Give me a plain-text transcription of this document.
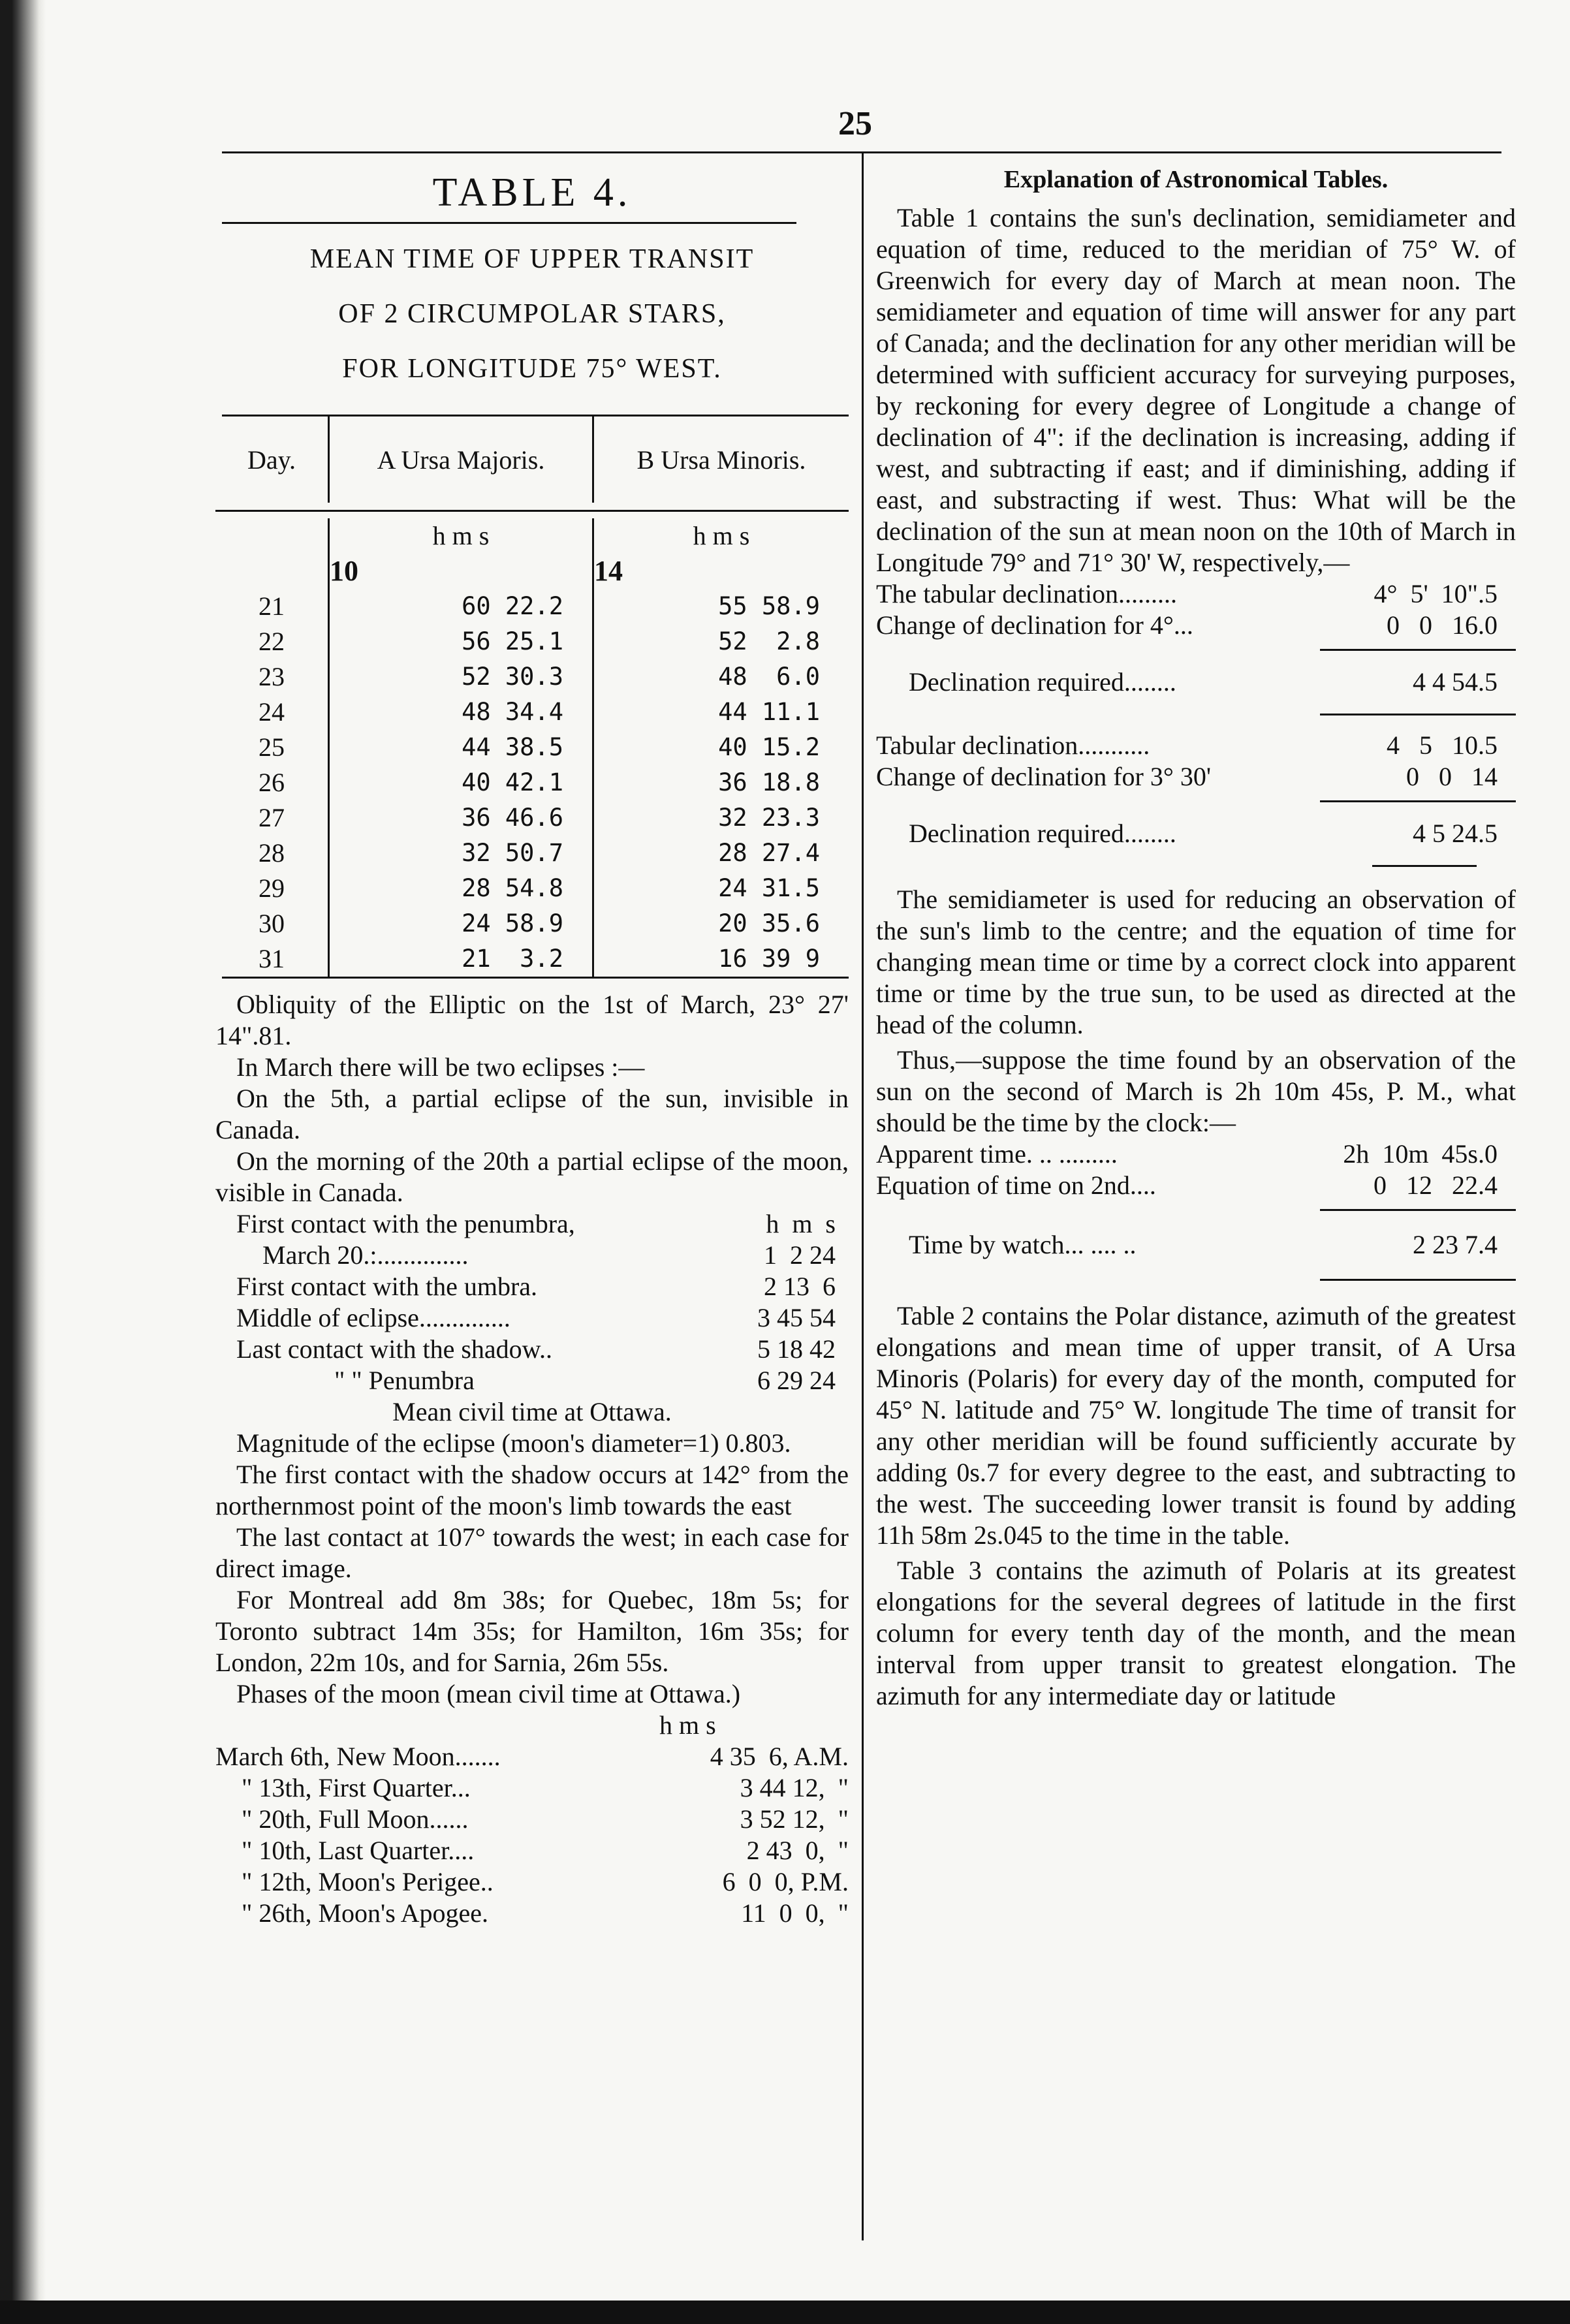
25
TABLE 4.
MEAN TIME OF UPPER TRANSIT
OF 2 CIRCUMPOLAR STARS,
FOR LONGITUDE 75° WEST.
Day.	A Ursa Majoris.	B Ursa Minoris.

	h m s	h m s
	10	14
21	60 22.2	55 58.9
22	56 25.1	52  2.8
23	52 30.3	48  6.0
24	48 34.4	44 11.1
25	44 38.5	40 15.2
26	40 42.1	36 18.8
27	36 46.6	32 23.3
28	32 50.7	28 27.4
29	28 54.8	24 31.5
30	24 58.9	20 35.6
31	21  3.2	16 39 9
Obliquity of the Elliptic on the 1st of March, 23° 27' 14".81.
In March there will be two eclipses :—
On the 5th, a partial eclipse of the sun, invisible in Canada.
On the morning of the 20th a partial eclipse of the moon, visible in Canada.
First contact with the penumbra,	h  m  s
March 20.:..............	1  2 24
First contact with the umbra.	2 13  6
Middle of eclipse..............	3 45 54
Last contact with the shadow..	5 18 42
" " Penumbra	6 29 24
Mean civil time at Ottawa.
Magnitude of the eclipse (moon's diameter=1) 0.803.
The first contact with the shadow occurs at 142° from the northernmost point of the moon's limb towards the east
The last contact at 107° towards the west; in each case for direct image.
For Montreal add 8m 38s; for Quebec, 18m 5s; for Toronto subtract 14m 35s; for Hamilton, 16m 35s; for London, 22m 10s, and for Sarnia, 26m 55s.
Phases of the moon (mean civil time at Ottawa.)
h m s
March 6th, New Moon.......	4 35  6, A.M.
" 13th, First Quarter...	3 44 12,  "
" 20th, Full Moon......	3 52 12,  "
" 10th, Last Quarter....	2 43  0,  "
" 12th, Moon's Perigee..	6  0  0, P.M.
" 26th, Moon's Apogee.	11  0  0,  "
Explanation of Astronomical Tables.
Table 1 contains the sun's declination, semidiameter and equation of time, reduced to the meridian of 75° W. of Greenwich for every day of March at mean noon. The semidiameter and equation of time will answer for any part of Canada; and the declination for any other meridian will be determined with sufficient accuracy for surveying purposes, by reckoning for every degree of Longitude a change of declination of 4": if the declination is increasing, adding if west, and subtracting if east; and if diminishing, adding if east, and substracting if west. Thus: What will be the declination of the sun at mean noon on the 10th of March in Longitude 79° and 71° 30' W, respectively,—
The tabular declination.........	4°  5'  10".5
Change of declination for 4°...	0   0   16.0
Declination required........	4 4 54.5
Tabular declination...........	4   5   10.5
Change of declination for 3° 30'	0   0   14
Declination required........	4 5 24.5
The semidiameter is used for reducing an observation of the sun's limb to the centre; and the equation of time for changing mean time or time by a correct clock into apparent time or time by the true sun, to be used as directed at the head of the column.
Thus,—suppose the time found by an observation of the sun on the second of March is 2h 10m 45s, P. M., what should be the time by the clock:—
Apparent time. .. .........	2h  10m  45s.0
Equation of time on 2nd....	0   12   22.4
Time by watch... .... ..	2 23 7.4
Table 2 contains the Polar distance, azimuth of the greatest elongations and mean time of upper transit, of A Ursa Minoris (Polaris) for every day of the month, computed for 45° N. latitude and 75° W. longitude The time of transit for any other meridian will be found sufficiently accurate by adding 0s.7 for every degree to the east, and subtracting to the west. The succeeding lower transit is found by adding 11h 58m 2s.045 to the time in the table.
Table 3 contains the azimuth of Polaris at its greatest elongations for the several degrees of latitude in the first column for every tenth day of the month, and the mean interval from upper transit to greatest elongation. The azimuth for any intermediate day or latitude
